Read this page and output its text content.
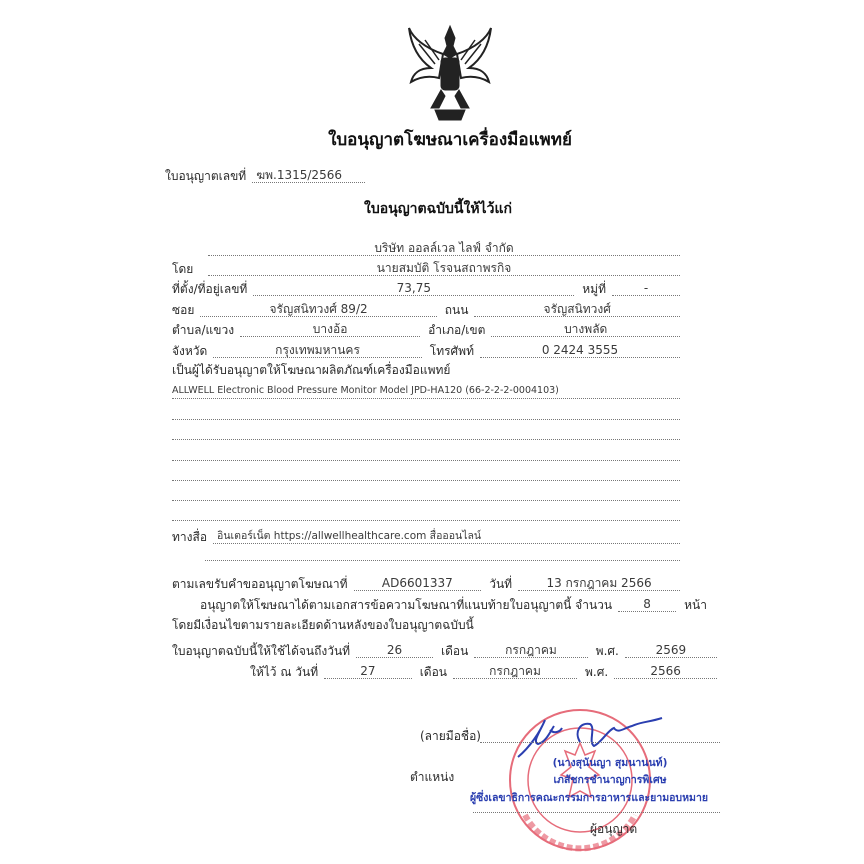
ใบอนุญาตโฆษณาเครื่องมือแพทย์
ใบอนุญาตเลขที่ ฆพ.1315/2566
ใบอนุญาตฉบับนี้ให้ไว้แก่
บริษัท ออลล์เวล ไลฟ์ จำกัด
โดย	นายสมบัติ โรจนสถาพรกิจ
ที่ตั้ง/ที่อยู่เลขที่	73,75	หมู่ที่	-
ซอย	จรัญสนิทวงศ์ 89/2	ถนน	จรัญสนิทวงศ์
ตำบล/แขวง	บางอ้อ	อำเภอ/เขต	บางพลัด
จังหวัด	กรุงเทพมหานคร	โทรศัพท์	0 2424 3555
เป็นผู้ได้รับอนุญาตให้โฆษณาผลิตภัณฑ์เครื่องมือแพทย์
ALLWELL Electronic Blood Pressure Monitor Model JPD-HA120 (66-2-2-2-0004103)
ทางสื่อ อินเตอร์เน็ต https://allwellhealthcare.com สื่อออนไลน์
ตามเลขรับคำขออนุญาตโฆษณาที่	AD6601337	วันที่	13 กรกฎาคม 2566
อนุญาตให้โฆษณาได้ตามเอกสารข้อความโฆษณาที่แนบท้ายใบอนุญาตนี้ จำนวน	8	หน้า
โดยมีเงื่อนไขตามรายละเอียดด้านหลังของใบอนุญาตฉบับนี้
ใบอนุญาตฉบับนี้ให้ใช้ได้จนถึงวันที่	26	เดือน	กรกฎาคม	พ.ศ.	2569
ให้ไว้ ณ วันที่	27	เดือน	กรกฎาคม	พ.ศ.	2566
(ลายมือชื่อ)
ตำแหน่ง
(นางสุนันญา สุมนานนท์)
เภสัชกรชำนาญการพิเศษ
ผู้ซึ่งเลขาธิการคณะกรรมการอาหารและยามอบหมาย
ผู้อนุญาต
